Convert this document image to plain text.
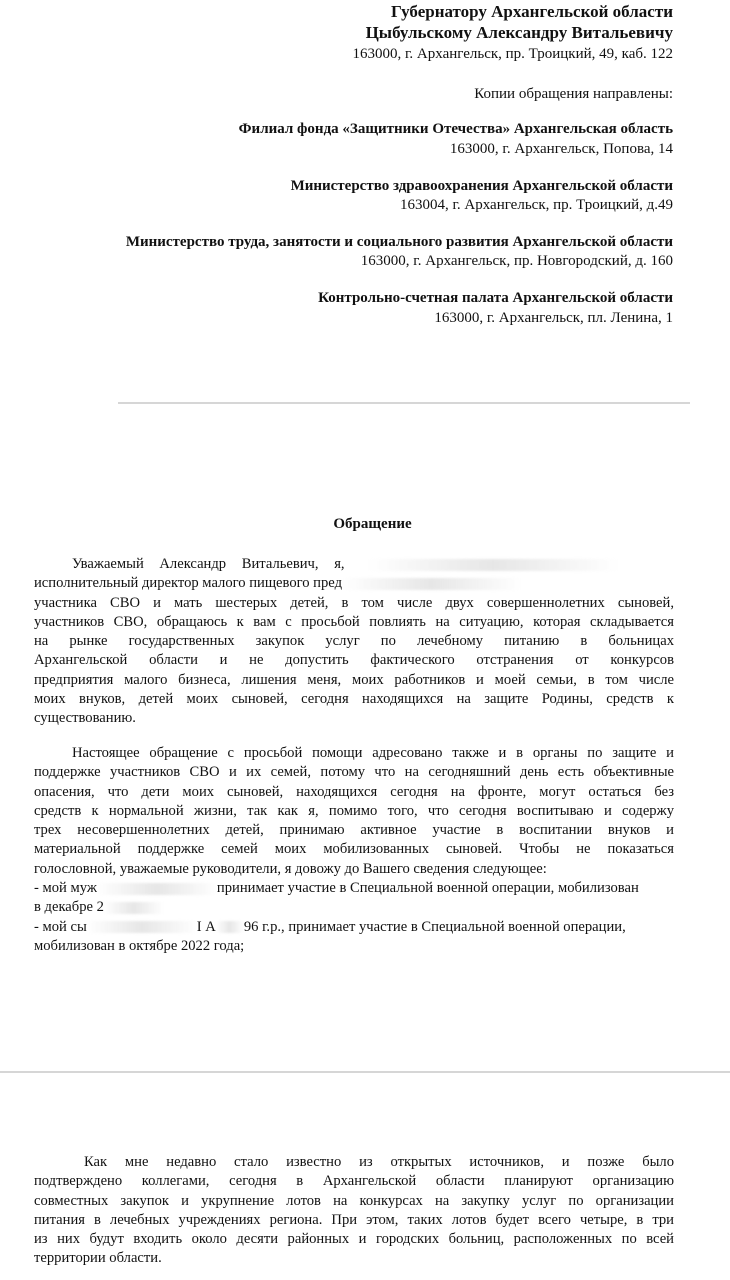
Губернатору Архангельской области
Цыбульскому Александру Витальевичу
163000, г. Архангельск, пр. Троицкий, 49, каб. 122
Копии обращения направлены:
Филиал фонда «Защитники Отечества» Архангельская область
163000, г. Архангельск, Попова, 14
Министерство здравоохранения Архангельской области
163004, г. Архангельск, пр. Троицкий, д.49
Министерство труда, занятости и социального развития Архангельской области
163000, г. Архангельск, пр. Новгородский, д. 160
Контрольно-счетная палата Архангельской области
163000, г. Архангельск, пл. Ленина, 1
Обращение
Уважаемый Александр Витальевич, я,
исполнительный директор малого пищевого пред
участника СВО и мать шестерых детей, в том числе двух совершеннолетних сыновей,
участников СВО, обращаюсь к вам с просьбой повлиять на ситуацию, которая складывается
на рынке государственных закупок услуг по лечебному питанию в больницах
Архангельской области и не допустить фактического отстранения от конкурсов
предприятия малого бизнеса, лишения меня, моих работников и моей семьи, в том числе
моих внуков, детей моих сыновей, сегодня находящихся на защите Родины, средств к
существованию.
Настоящее обращение с просьбой помощи адресовано также и в органы по защите и
поддержке участников СВО и их семей, потому что на сегодняшний день есть объективные
опасения, что дети моих сыновей, находящихся сегодня на фронте, могут остаться без
средств к нормальной жизни, так как я, помимо того, что сегодня воспитываю и содержу
трех несовершеннолетних детей, принимаю активное участие в воспитании внуков и
материальной поддержке семей моих мобилизованных сыновей. Чтобы не показаться
голословной, уважаемые руководители, я довожу до Вашего сведения следующее:
- мой муж	принимает участие в Специальной военной операции, мобилизован
в декабре 2
- мой сы	I А 96 г.р., принимает участие в Специальной военной операции,
мобилизован в октябре 2022 года;
Как мне недавно стало известно из открытых источников, и позже было
подтверждено коллегами, сегодня в Архангельской области планируют организацию
совместных закупок и укрупнение лотов на конкурсах на закупку услуг по организации
питания в лечебных учреждениях региона. При этом, таких лотов будет всего четыре, в три
из них будут входить около десяти районных и городских больниц, расположенных по всей
территории области.
